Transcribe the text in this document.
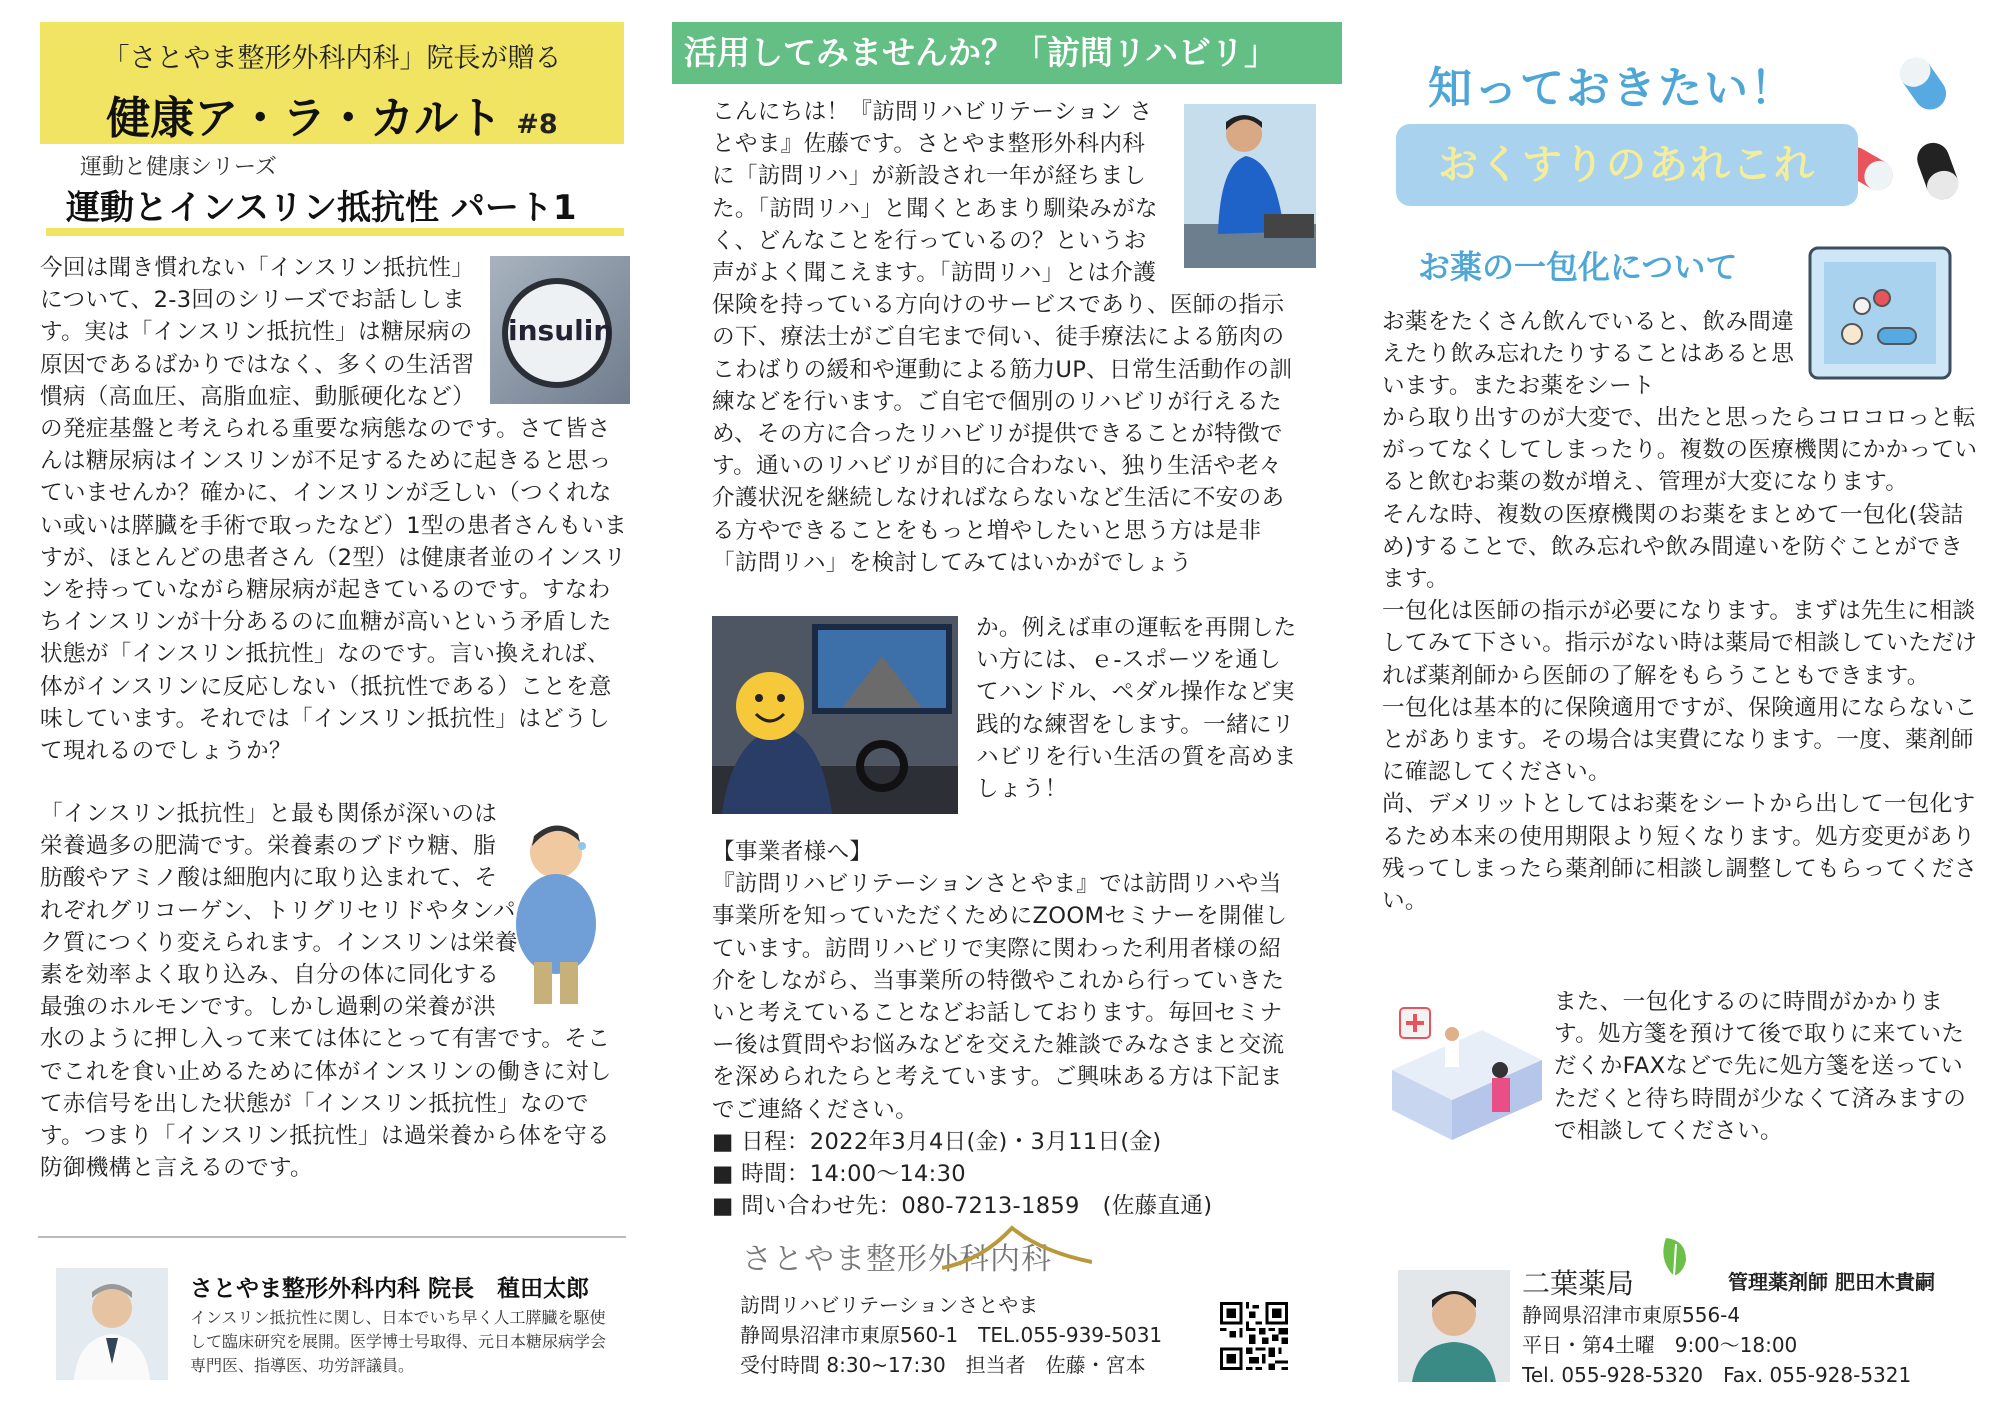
「さとやま整形外科内科」院長が贈る
健康ア・ラ・カルト #8
運動と健康シリーズ
運動とインスリン抵抗性 パート1
insulin
今回は聞き慣れない「インスリン抵抗性」について、2-3回のシリーズでお話しします。実は「インスリン抵抗性」は糖尿病の原因であるばかりではなく、多くの生活習慣病（高血圧、高脂血症、動脈硬化など）の発症基盤と考えられる重要な病態なのです。さて皆さんは糖尿病はインスリンが不足するために起きると思っていませんか？確かに、インスリンが乏しい（つくれない或いは膵臓を手術で取ったなど）1型の患者さんもいますが、ほとんどの患者さん（2型）は健康者並のインスリンを持っていながら糖尿病が起きているのです。すなわちインスリンが十分あるのに血糖が高いという矛盾した状態が「インスリン抵抗性」なのです。言い換えれば、体がインスリンに反応しない（抵抗性である）ことを意味しています。それでは「インスリン抵抗性」はどうして現れるのでしょうか？
「インスリン抵抗性」と最も関係が深いのは栄養過多の肥満です。栄養素のブドウ糖、脂肪酸やアミノ酸は細胞内に取り込まれて、それぞれグリコーゲン、トリグリセリドやタンパク質につくり変えられます。インスリンは栄養素を効率よく取り込み、自分の体に同化する最強のホルモンです。しかし過剰の栄養が洪水のように押し入って来ては体にとって有害です。そこでこれを食い止めるために体がインスリンの働きに対して赤信号を出した状態が「インスリン抵抗性」なのです。つまり「インスリン抵抗性」は過栄養から体を守る防御機構と言えるのです。
さとやま整形外科内科 院長　稙田太郎
インスリン抵抗性に関し、日本でいち早く人工膵臓を駆使して臨床研究を展開。医学博士号取得、元日本糖尿病学会専門医、指導医、功労評議員。
活用してみませんか？「訪問リハビリ」
こんにちは！『訪問リハビリテーション さとやま』佐藤です。さとやま整形外科内科に「訪問リハ」が新設され一年が経ちました。「訪問リハ」と聞くとあまり馴染みがなく、どんなことを行っているの？というお声がよく聞こえます。「訪問リハ」とは介護保険を持っている方向けのサービスであり、医師の指示の下、療法士がご自宅まで伺い、徒手療法による筋肉のこわばりの緩和や運動による筋力UP、日常生活動作の訓練などを行います。ご自宅で個別のリハビリが行えるため、その方に合ったリハビリが提供できることが特徴です。通いのリハビリが目的に合わない、独り生活や老々介護状況を継続しなければならないなど生活に不安のある方やできることをもっと増やしたいと思う方は是非「訪問リハ」を検討してみてはいかがでしょう
か。例えば車の運転を再開したい方には、ｅ-スポーツを通してハンドル、ペダル操作など実践的な練習をします。一緒にリハビリを行い生活の質を高めましょう！
【事業者様へ】
『訪問リハビリテーションさとやま』では訪問リハや当事業所を知っていただくためにZOOMセミナーを開催しています。訪問リハビリで実際に関わった利用者様の紹介をしながら、当事業所の特徴やこれから行っていきたいと考えていることなどお話しております。毎回セミナー後は質問やお悩みなどを交えた雑談でみなさまと交流を深められたらと考えています。ご興味ある方は下記までご連絡ください。
■ 日程：2022年3月4日(金)・3月11日(金)
■ 時間：14:00～14:30
■ 問い合わせ先：080-7213-1859　(佐藤直通)
さとやま整形外科内科
訪問リハビリテーションさとやま
静岡県沼津市東原560-1　TEL.055-939-5031
受付時間 8:30~17:30　担当者　佐藤・宮本
知っておきたい！
おくすりのあれこれ
お薬の一包化について
お薬をたくさん飲んでいると、飲み間違えたり飲み忘れたりすることはあると思います。またお薬をシート
から取り出すのが大変で、出たと思ったらコロコロっと転がってなくしてしまったり。複数の医療機関にかかっていると飲むお薬の数が増え、管理が大変になります。
そんな時、複数の医療機関のお薬をまとめて一包化(袋詰め)することで、飲み忘れや飲み間違いを防ぐことができます。
一包化は医師の指示が必要になります。まずは先生に相談してみて下さい。指示がない時は薬局で相談していただければ薬剤師から医師の了解をもらうこともできます。
一包化は基本的に保険適用ですが、保険適用にならないことがあります。その場合は実費になります。一度、薬剤師に確認してください。
尚、デメリットとしてはお薬をシートから出して一包化するため本来の使用期限より短くなります。処方変更があり残ってしまったら薬剤師に相談し調整してもらってください。
また、一包化するのに時間がかかります。処方箋を預けて後で取りに来ていただくかFAXなどで先に処方箋を送っていただくと待ち時間が少なくて済みますので相談してください。
二葉薬局	管理薬剤師 肥田木貴嗣
静岡県沼津市東原556-4
平日・第4土曜　9:00～18:00
Tel. 055-928-5320　Fax. 055-928-5321
